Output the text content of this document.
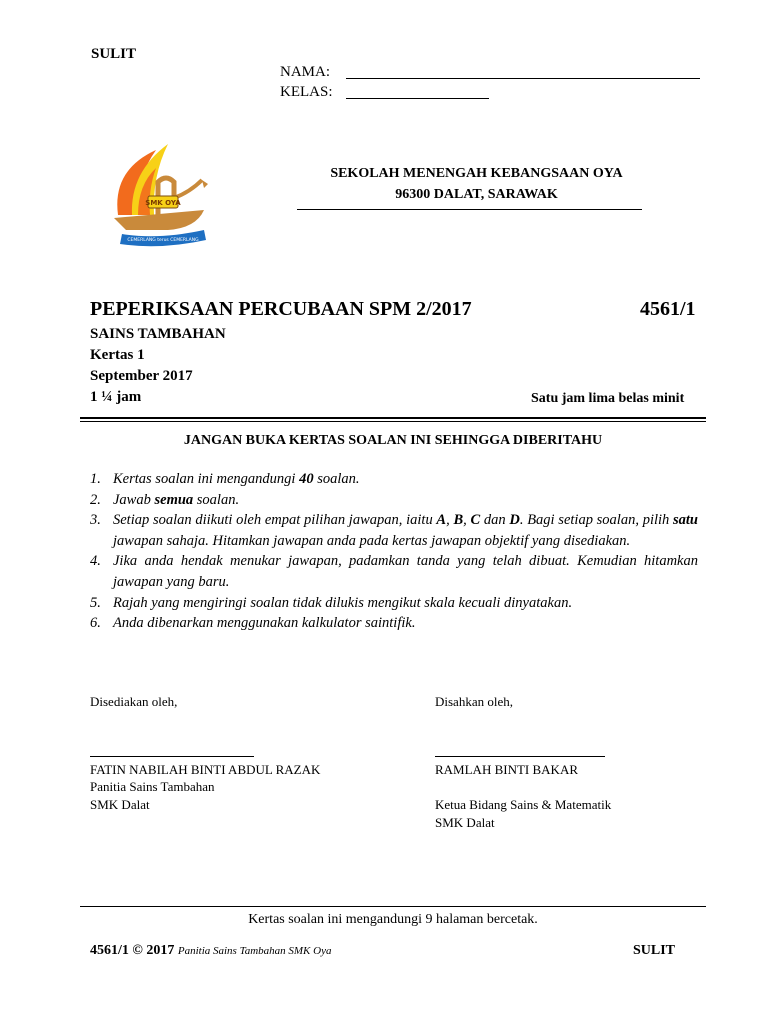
SULIT
NAMA:
KELAS:
SMK OYA
CEMERLANG terus CEMERLANG
SEKOLAH MENENGAH KEBANGSAAN OYA
96300 DALAT, SARAWAK
PEPERIKSAAN PERCUBAAN SPM 2/2017	4561/1
SAINS TAMBAHAN
Kertas 1
September 2017
1 ¼ jam	Satu jam lima belas minit
JANGAN BUKA KERTAS SOALAN INI SEHINGGA DIBERITAHU
1. Kertas soalan ini mengandungi 40 soalan.
2. Jawab semua soalan.
3. Setiap soalan diikuti oleh empat pilihan jawapan, iaitu A, B, C dan D. Bagi setiap soalan, pilih satu jawapan sahaja. Hitamkan jawapan anda pada kertas jawapan objektif yang disediakan.
4. Jika anda hendak menukar jawapan, padamkan tanda yang telah dibuat. Kemudian hitamkan jawapan yang baru.
5. Rajah yang mengiringi soalan tidak dilukis mengikut skala kecuali dinyatakan.
6. Anda dibenarkan menggunakan kalkulator saintifik.
Disediakan oleh,	Disahkan oleh,
FATIN NABILAH BINTI ABDUL RAZAK
Panitia Sains Tambahan
SMK Dalat
RAMLAH BINTI BAKAR
Ketua Bidang Sains & Matematik
SMK Dalat
Kertas soalan ini mengandungi 9 halaman bercetak.
4561/1 © 2017 Panitia Sains Tambahan SMK Oya	SULIT
